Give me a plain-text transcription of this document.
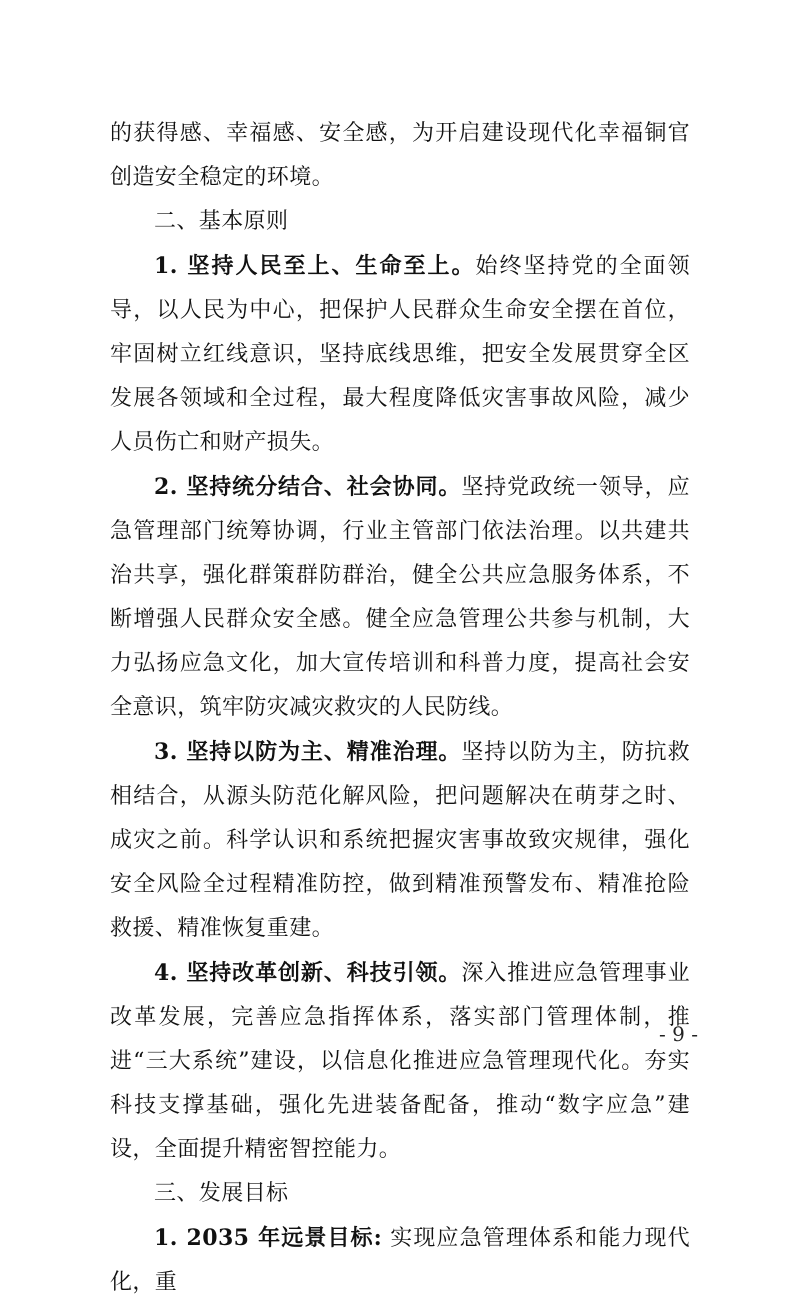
的获得感、幸福感、安全感，为开启建设现代化幸福铜官创造安全稳定的环境。

二、基本原则

1. 坚持人民至上、生命至上。始终坚持党的全面领导，以人民为中心，把保护人民群众生命安全摆在首位，牢固树立红线意识，坚持底线思维，把安全发展贯穿全区发展各领域和全过程，最大程度降低灾害事故风险，减少人员伤亡和财产损失。

2. 坚持统分结合、社会协同。坚持党政统一领导，应急管理部门统筹协调，行业主管部门依法治理。以共建共治共享，强化群策群防群治，健全公共应急服务体系，不断增强人民群众安全感。健全应急管理公共参与机制，大力弘扬应急文化，加大宣传培训和科普力度，提高社会安全意识，筑牢防灾减灾救灾的人民防线。

3. 坚持以防为主、精准治理。坚持以防为主，防抗救相结合，从源头防范化解风险，把问题解决在萌芽之时、成灾之前。科学认识和系统把握灾害事故致灾规律，强化安全风险全过程精准防控，做到精准预警发布、精准抢险救援、精准恢复重建。

4. 坚持改革创新、科技引领。深入推进应急管理事业改革发展，完善应急指挥体系，落实部门管理体制，推进“三大系统”建设，以信息化推进应急管理现代化。夯实科技支撑基础，强化先进装备配备，推动“数字应急”建设，全面提升精密智控能力。

三、发展目标

1. 2035 年远景目标: 实现应急管理体系和能力现代化，重

- 9 -
